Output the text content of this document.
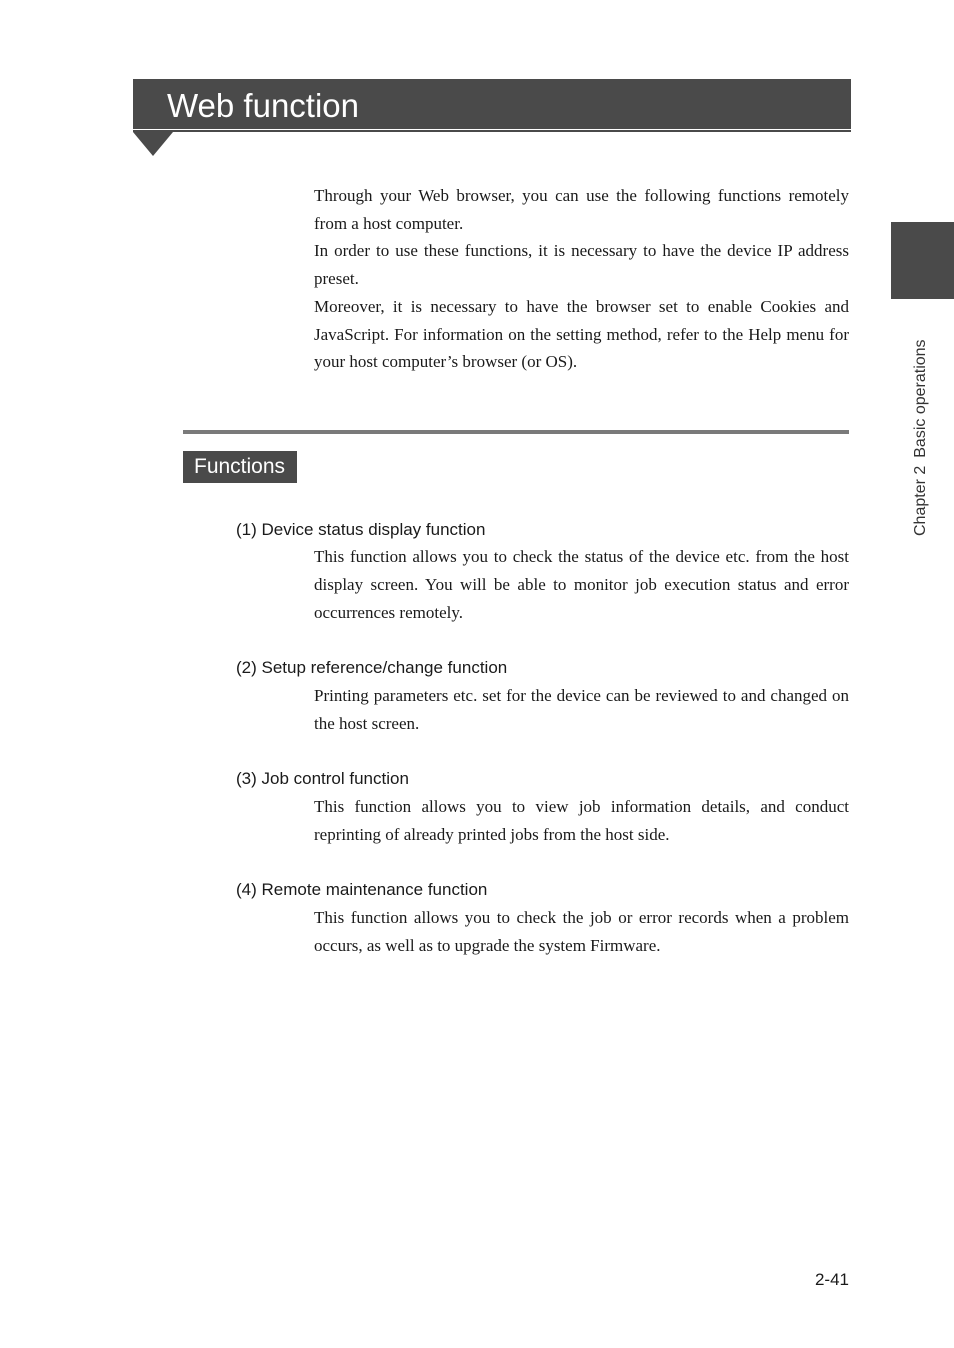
Web function
Chapter 2Basic operations

Through your Web browser, you can use the following functions remotely from a host computer.

In order to use these functions, it is necessary to have the device IP address preset.

Moreover, it is necessary to have the browser set to enable Cookies and JavaScript. For information on the setting method, refer to the Help menu for your host computer’s browser (or OS).

Functions
(1) Device status display function

This function allows you to check the status of the device etc. from the host display screen. You will be able to monitor job execution status and error occurrences remotely.

(2) Setup reference/change function

Printing parameters etc. set for the device can be reviewed to and changed on the host screen.

(3) Job control function

This function allows you to view job information details, and conduct reprinting of already printed jobs from the host side.

(4) Remote maintenance function

This function allows you to check the job or error records when a problem occurs, as well as to upgrade the system Firmware.

2-41
